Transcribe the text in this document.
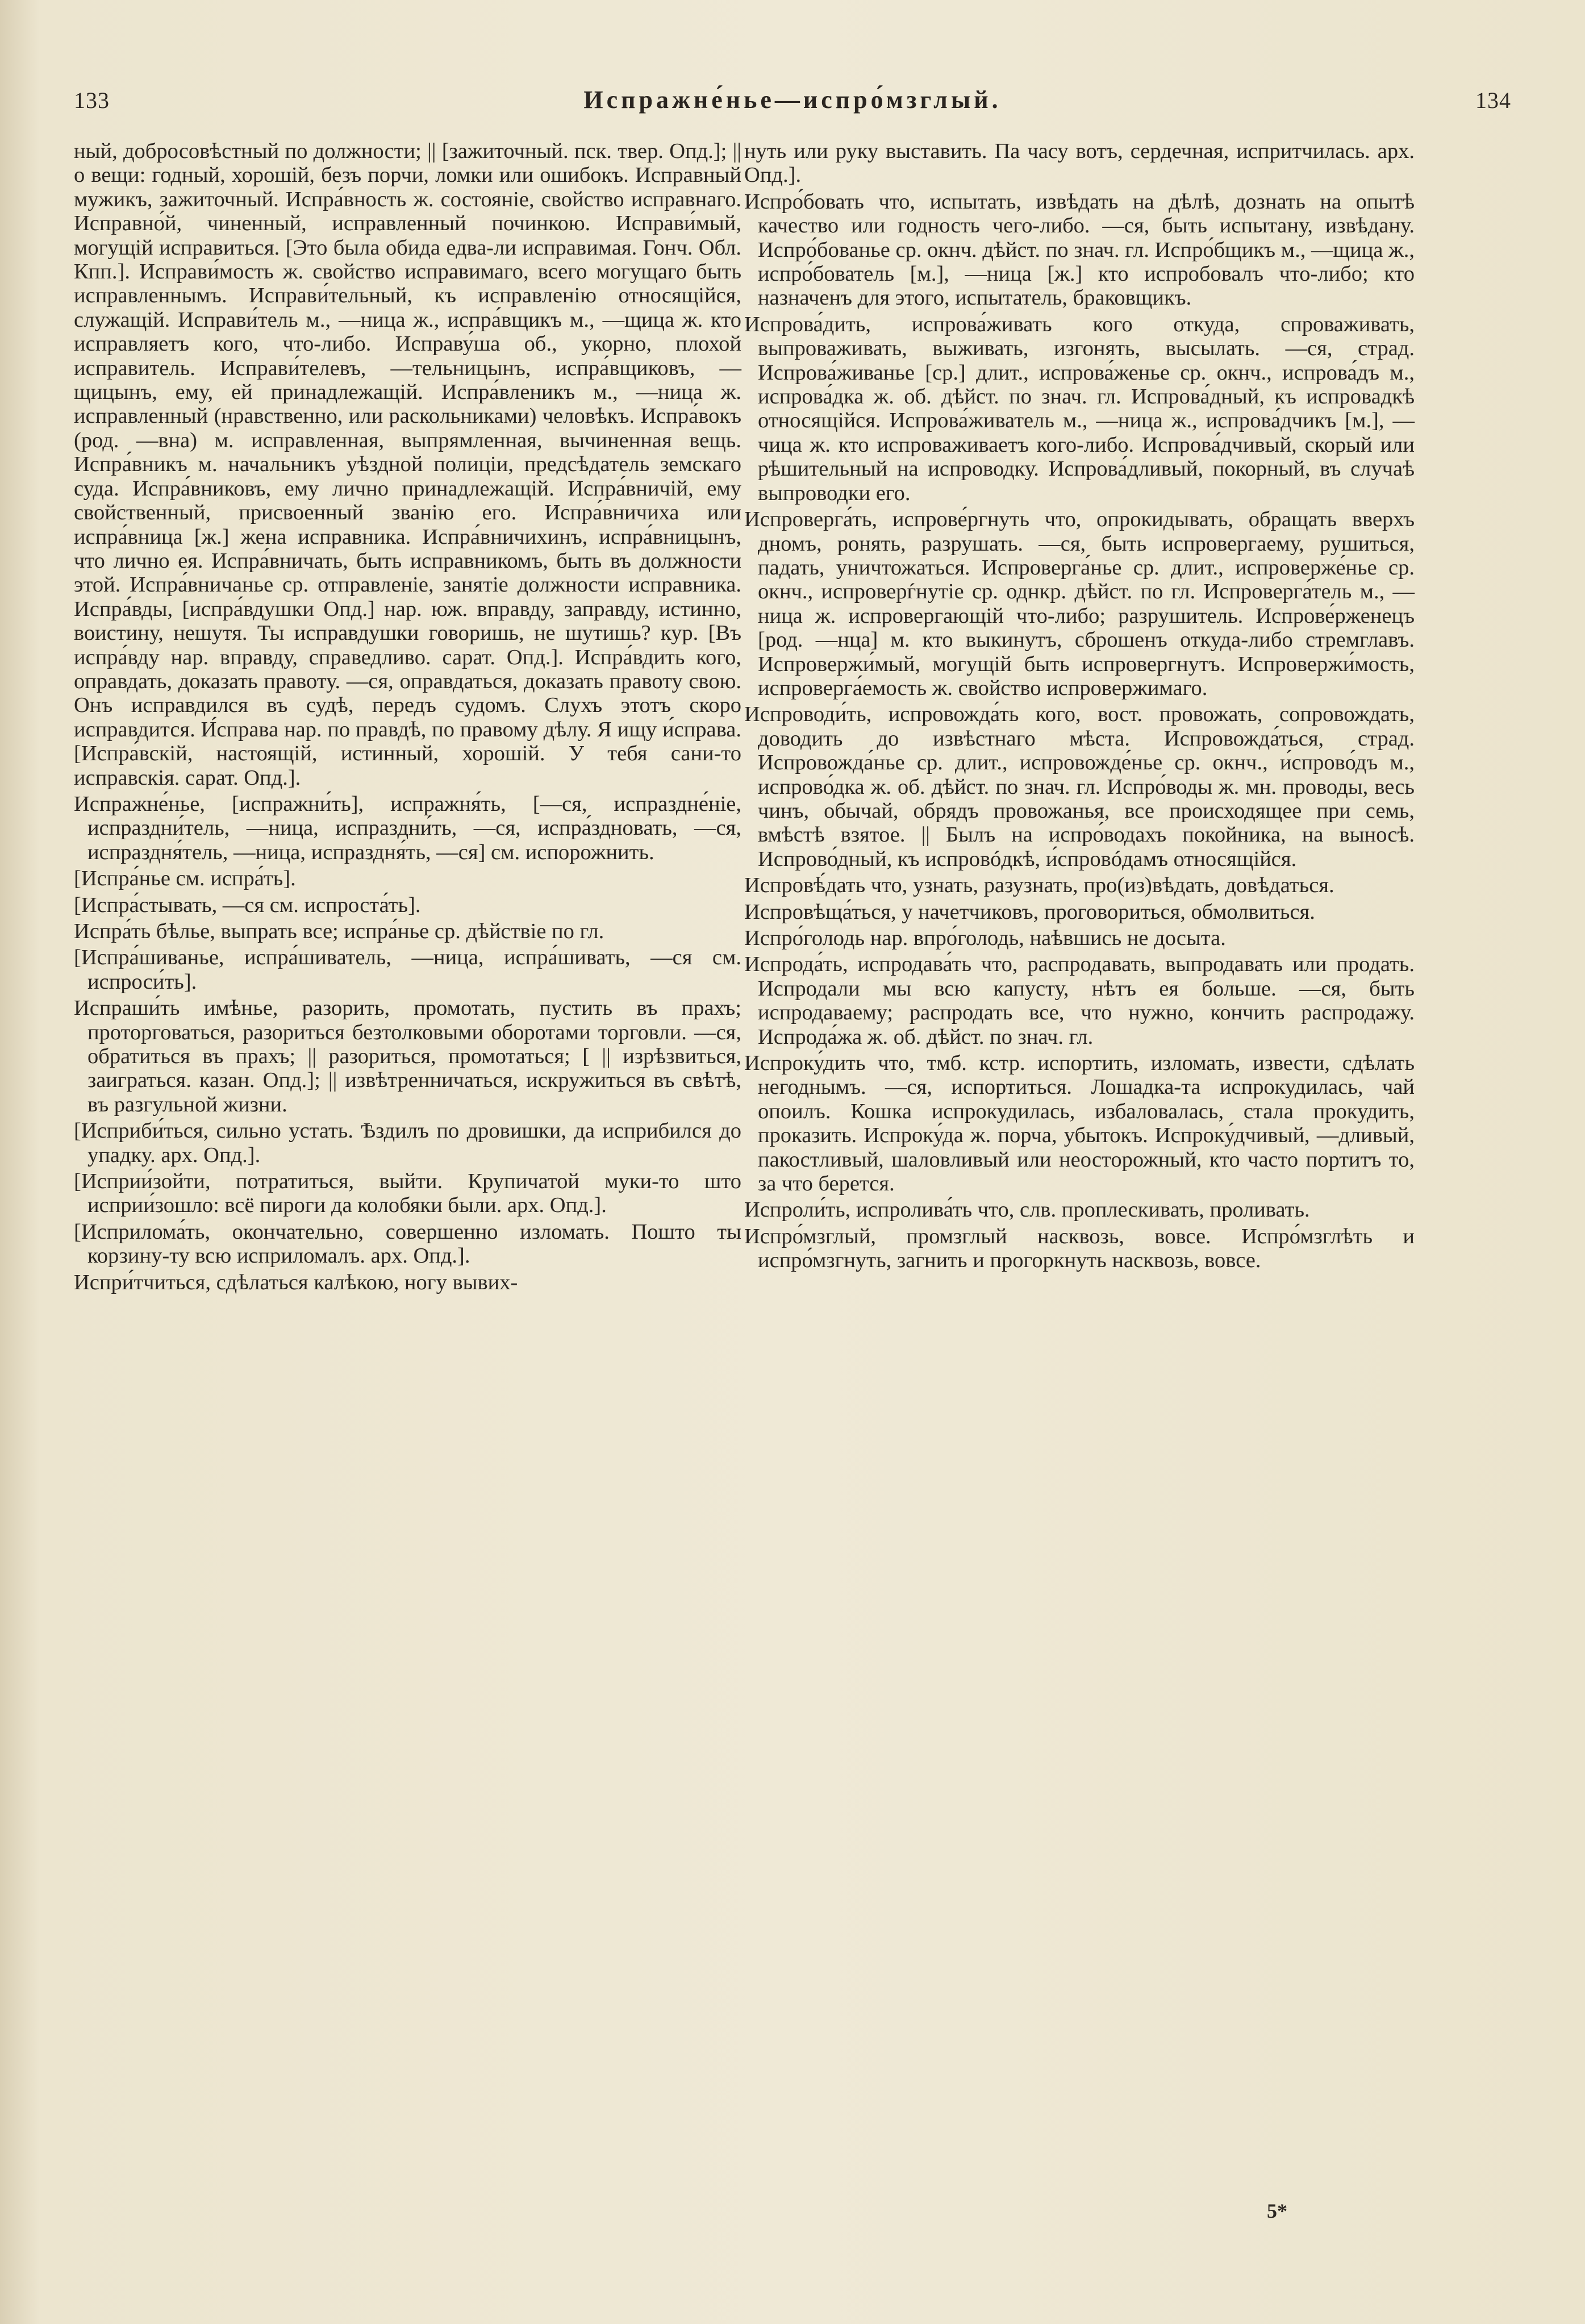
133	Испражне́нье—испро́мзглый.	134

ный, добросовѣстный по должности; || [зажиточный. пск. твер. Опд.]; || о вещи: годный, хорошій, безъ порчи, ломки или ошибокъ. Исправный мужикъ, зажиточный. Испра́вность ж. состояніе, свойство исправнаго. Исправно́й, чиненный, исправленный починкою. Исправи́мый, могущій исправиться. [Это была обида едва-ли исправимая. Гонч. Обл. Кпп.]. Исправи́мость ж. свойство исправимаго, всего могущаго быть исправленнымъ. Исправи́тельный, къ исправленію относящійся, служащій. Исправи́тель м., —ница ж., испра́вщикъ м., —щица ж. кто исправляетъ кого, что-либо. Исправу́ша об., укорно, плохой исправитель. Исправи́телевъ, —тельницынъ, испра́вщиковъ, —щицынъ, ему, ей принадлежащій. Испра́вленикъ м., —ница ж. исправленный (нравственно, или раскольниками) человѣкъ. Испра́вокъ (род. —вна) м. исправленная, выпрямленная, вычиненная вещь. Испра́вникъ м. начальникъ уѣздной полиціи, предсѣдатель земскаго суда. Испра́вниковъ, ему лично принадлежащій. Испра́вничій, ему свойственный, присвоенный званію его. Испра́вничиха или испра́вница [ж.] жена исправника. Испра́вничихинъ, испра́вницынъ, что лично ея. Испра́вничать, быть исправникомъ, быть въ должности этой. Испра́вничанье ср. отправленіе, занятіе должности исправника. Испра́вды, [испра́вдушки Опд.] нар. юж. вправду, заправду, истинно, воистину, нешутя. Ты исправдушки говоришь, не шутишь? кур. [Въ испра́вду нар. вправду, справедливо. сарат. Опд.]. Испра́вдить кого, оправдать, доказать правоту. —ся, оправдаться, доказать правоту свою. Онъ исправдился въ судѣ, передъ судомъ. Слухъ этотъ скоро исправдится. И́справа нар. по правдѣ, по правому дѣлу. Я ищу и́справа. [Испра́вскій, настоящій, истинный, хорошій. У тебя сани-то исправскія. сарат. Опд.].

Испражне́нье, [испражни́ть], испражня́ть, [—ся, испраздне́ніе, испраздни́тель, —ница, испраздни́ть, —ся, испра́здновать, —ся, испраздня́тель, —ница, испраздня́ть, —ся] см. испорожнить.

[Испра́нье см. испра́ть].

[Испра́стывать, —ся см. испроста́ть].

Испра́ть бѣлье, выпрать все; испра́нье ср. дѣйствіе по гл.

[Испра́шиванье, испра́шиватель, —ница, испра́шивать, —ся см. испроси́ть].

Испраши́ть имѣнье, разорить, промотать, пустить въ прахъ; проторговаться, разориться безтолковыми оборотами торговли. —ся, обратиться въ прахъ; || разориться, промотаться; [ || изрѣзвиться, заиграться. казан. Опд.]; || извѣтренничаться, искружиться въ свѣтѣ, въ разгульной жизни.

[Исприби́ться, сильно устать. Ѣздилъ по дровишки, да исприбился до упадку. арх. Опд.].

[Исприи́зойти, потратиться, выйти. Крупичатой муки-то што исприи́зошло: всё пироги да колобяки были. арх. Опд.].

[Исприлома́ть, окончательно, совершенно изломать. Пошто ты корзину-ту всю исприломалъ. арх. Опд.].

Испри́тчиться, сдѣлаться калѣкою, ногу вывих-

нуть или руку выставить. Па часу вотъ, сердечная, испритчилась. арх. Опд.].

Испро́бовать что, испытать, извѣдать на дѣлѣ, дознать на опытѣ качество или годность чего-либо. —ся, быть испытану, извѣдану. Испро́бованье ср. окнч. дѣйст. по знач. гл. Испро́бщикъ м., —щица ж., испро́бователь [м.], —ница [ж.] кто испробовалъ что-либо; кто назначенъ для этого, испытатель, браковщикъ.

Испрова́дить, испрова́живать кого откуда, спроваживать, выпроваживать, выживать, изгонять, высылать. —ся, страд. Испрова́живанье [ср.] длит., испрова́женье ср. окнч., испрова́дъ м., испрова́дка ж. об. дѣйст. по знач. гл. Испрова́дный, къ испровадкѣ относящійся. Испрова́живатель м., —ница ж., испрова́дчикъ [м.], —чица ж. кто испроваживаетъ кого-либо. Испрова́дчивый, скорый или рѣшительный на испроводку. Испрова́дливый, покорный, въ случаѣ выпроводки его.

Испроверга́ть, испрове́ргнуть что, опрокидывать, обращать вверхъ дномъ, ронять, разрушать. —ся, быть испровергаему, рушиться, падать, уничтожаться. Испроверга́нье ср. длит., испроверже́нье ср. окнч., испроверѓнутіе ср. однкр. дѣйст. по гл. Испроверга́тель м., —ница ж. испровергающій что-либо; разрушитель. Испрове́рженецъ [род. —нца] м. кто выкинутъ, сброшенъ откуда-либо стремглавъ. Испровержи́мый, могущій быть испровергнутъ. Испровержи́мость, испроверга́емость ж. свойство испровержимаго.

Испроводи́ть, испровожда́ть кого, вост. провожать, сопровождать, доводить до извѣстнаго мѣста. Испровожда́ться, страд. Испровожда́нье ср. длит., испровожде́нье ср. окнч., и́спрово́дъ м., испрово́дка ж. об. дѣйст. по знач. гл. Испро́воды ж. мн. проводы, весь чинъ, обычай, обрядъ провожанья, все происходящее при семь, вмѣстѣ взятое. || Былъ на испро́водахъ покойника, на выносѣ. Испрово́дный, къ испровóдкѣ, и́спровóдамъ относящійся.

Испровѣ́дать что, узнать, разузнать, про(из)вѣдать, довѣдаться.

Испровѣща́ться, у начетчиковъ, проговориться, обмолвиться.

Испро́голодь нар. впро́голодь, наѣвшись не досыта.

Испрода́ть, испродава́ть что, распродавать, выпродавать или продать. Испродали мы всю капусту, нѣтъ ея больше. —ся, быть испродаваему; распродать все, что нужно, кончить распродажу. Испрода́жа ж. об. дѣйст. по знач. гл.

Испроку́дить что, тмб. кстр. испортить, изломать, извести, сдѣлать негоднымъ. —ся, испортиться. Лошадка-та испрокудилась, чай опоилъ. Кошка испрокудилась, избаловалась, стала прокудить, проказить. Испроку́да ж. порча, убытокъ. Испроку́дчивый, —дливый, пакостливый, шаловливый или неосторожный, кто часто портитъ то, за что берется.

Испроли́ть, испролива́ть что, слв. проплескивать, проливать.

Испро́мзглый, промзглый насквозь, вовсе. Испро́мзглѣть и испро́мзгнуть, загнить и прогоркнуть насквозь, вовсе.

5*
